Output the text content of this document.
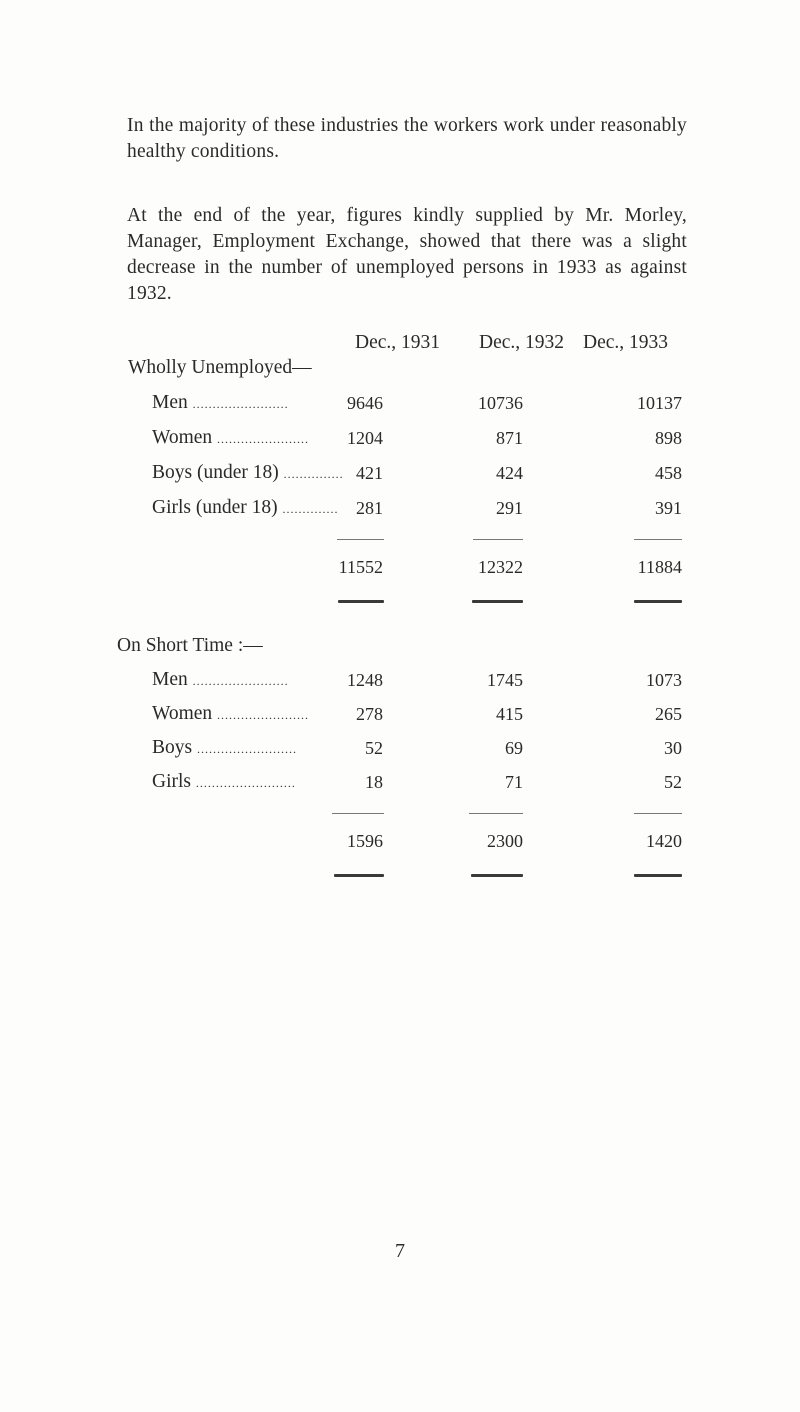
In the majority of these industries the workers work under reasonably healthy conditions.

At the end of the year, figures kindly supplied by Mr. Morley, Manager, Employment Exchange, showed that there was a slight decrease in the number of unemployed persons in 1933 as against 1932.

Dec., 1931 Dec., 1932 Dec., 1933
Wholly Unemployed—
Men ........................	9646	10736	10137
Women .......................	1204	871	898
Boys (under 18) ............... 421	424	458
Girls (under 18) .............. 281	291	391
11552	12322	11884
On Short Time :—
Men ........................	1248	1745	1073
Women .......................	278	415	265
Boys .........................	52	69	30
Girls .........................	18	71	52
1596	2300	1420
7
